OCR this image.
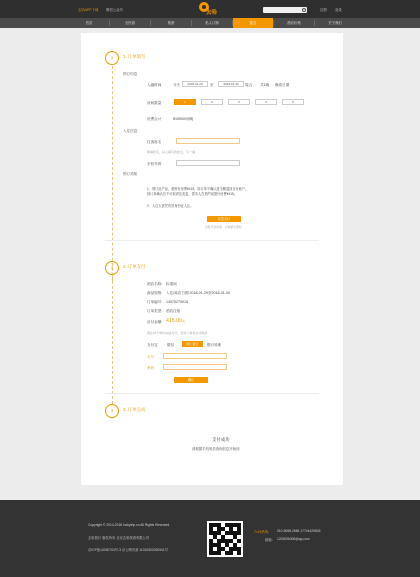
去哈APP下载 微信公众号	去哈	注册 登录
首页	全民游	旅游	私人订制	留言	酒店价格	关于我们
1	1. 订单填写
预订信息
入融时间	今天	2018-01-29	至	2018-01-30	周五 共1晚 修改日期
房间数量	1	2	3	4	5
房费合计	¥15900/间晚
入住信息
住客姓名
即填姓名，每人填写的姓名，写一遍
手机号码
预订须知
1、预订此产品，需预付房费¥415，如订单不确认将全额退回支付账户。
因订单确认后不可取消及变更，需本人在预约前提付房费¥415。
2、入住人需凭有效身份证入住。
共签支付
去哈平台政策：订单提交须知
2	2. 订单支付
酒店名称: 标准间
商品规格: 入住/离店日期 2018-01-29至2018-01-30
订单编号: 14970270015
订单类型: 酒店住宿
应付金额: 415.00元
请在15分钟内完成支付，否则订单将自动取消
支付宝	微信	网上银行	银行转账
卡号
密码
确认
3	3. 订单完成
支付成功
请根据手机短信查询信息开始回
Copyright © 2014-2018 luckytrip.cn All Rights Reserved.
去哈旅行 版权所有 北京去哈旅游有限公司
京ICP备14030704号-3 京公网安备 11010502030941号
7×24热线: 010-5088-2666 17744425526
邮箱: 1203006406@qq.com
